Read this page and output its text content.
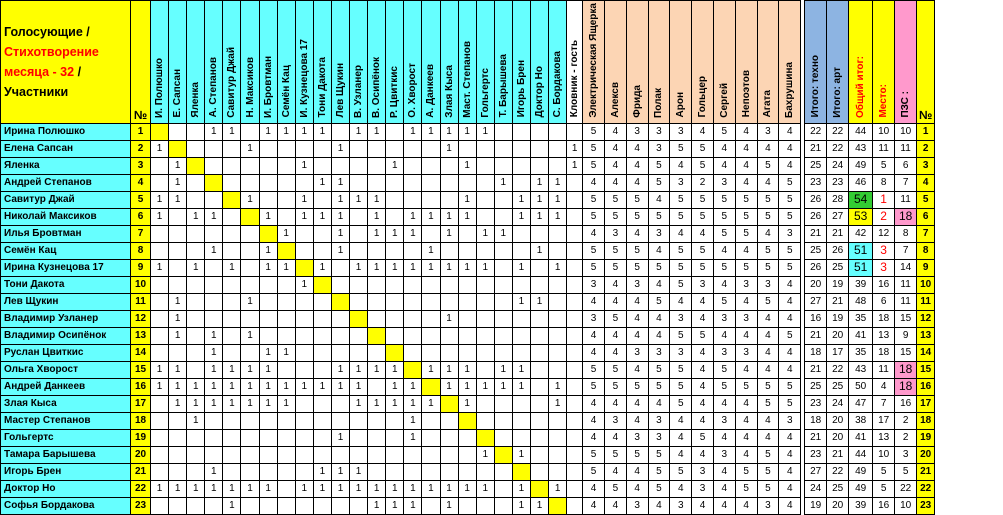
Голосующие /
Стихотворение месяца - 32 /
Участники	№	И. Полюшко	Е. Сапсан	Яленка	А. Степанов	Савитур Джай	Н. Максиков	И. Бровтман	Семён Кац	И. Кузнецова 17	Тони Дакота	Лев Щукин	В. Узланер	В. Осипёнок	Р. Цвиткис	О. Хворост	А. Данкеев	Злая Кыса	Маст. Степанов	Гольгертс	Т. Барышева	Игорь Брен	Доктор Но	С. Бордакова	Кловник - гость	Электрическая Ящерка	Алексв	Фрида	Полак	Арон	Гольцер	Сергей	Непоэтов	Агата	Бахрушина		Итого: техно	Итого: арт	Общий итог:	Место:	ПЗС :	№
Ирина Полюшко	1				1	1		1	1	1	1		1	1		1	1	1	1	1						5	4	3	3	3	4	5	4	3	4		22	22	44	10	10	1
Елена Сапсан	2	1					1					1						1							1	5	4	4	3	5	5	4	4	4	4		21	22	43	11	11	2
Яленка	3		1							1					1				1						1	5	4	4	5	4	5	4	4	5	4		25	24	49	5	6	3
Андрей Степанов	4		1								1	1									1		1	1		4	4	4	5	3	2	3	4	4	5		23	23	46	8	7	4
Савитур Джай	5	1	1				1			1		1	1	1					1			1	1	1		5	5	5	4	5	5	5	5	5	5		26	28	54	1	11	5
Николай Максиков	6	1		1	1			1		1	1	1		1		1	1	1	1			1	1	1		5	5	5	5	5	5	5	5	5	5		26	27	53	2	18	6
Илья Бровтман	7								1			1		1	1	1		1		1	1					4	3	4	3	4	4	5	5	4	3		21	21	42	12	8	7
Семён Кац	8				1			1				1					1						1			5	5	5	4	5	5	4	4	5	5		25	26	51	3	7	8
Ирина Кузнецова 17	9	1		1		1		1	1		1		1	1	1	1	1	1	1	1		1		1		5	5	5	5	5	5	5	5	5	5		26	25	51	3	14	9
Тони Дакота	10									1																3	4	3	4	5	3	4	3	3	4		20	19	39	16	11	10
Лев Щукин	11		1				1															1	1			4	4	4	5	4	4	5	4	5	4		27	21	48	6	11	11
Владимир Узланер	12		1															1								3	5	4	4	3	4	3	3	4	4		16	19	35	18	15	12
Владимир Осипёнок	13		1		1		1																			4	4	4	4	5	5	4	4	4	5		21	20	41	13	9	13
Руслан Цвиткис	14				1			1	1																	4	4	3	3	3	4	3	3	4	4		18	17	35	18	15	14
Ольга Хворост	15	1	1		1	1	1	1				1	1	1	1		1	1	1		1	1				5	5	4	5	5	4	5	4	4	4		21	22	43	11	18	15
Андрей Данкеев	16	1	1	1	1	1	1	1	1	1	1	1	1		1	1		1	1	1	1	1		1		5	5	5	5	5	4	5	5	5	5		25	25	50	4	18	16
Злая Кыса	17		1	1	1	1	1	1	1				1	1	1	1	1		1					1		4	4	4	4	5	4	4	4	5	5		23	24	47	7	16	17
Мастер Степанов	18			1												1										4	3	4	3	4	4	3	4	4	3		18	20	38	17	2	18
Гольгертс	19											1				1										4	4	3	3	4	5	4	4	4	4		21	20	41	13	2	19
Тамара Барышева	20																			1		1				5	5	5	5	4	4	3	4	5	4		23	21	44	10	3	20
Игорь Брен	21				1						1	1	1													5	4	4	5	5	3	4	5	5	4		27	22	49	5	5	21
Доктор Но	22	1	1	1	1	1	1	1		1	1	1	1	1	1	1	1	1	1	1		1		1		4	5	4	5	4	3	4	5	5	4		24	25	49	5	22	22
Софья Бордакова	23					1								1	1	1		1				1	1			4	4	3	4	3	4	4	4	3	4		19	20	39	16	10	23
